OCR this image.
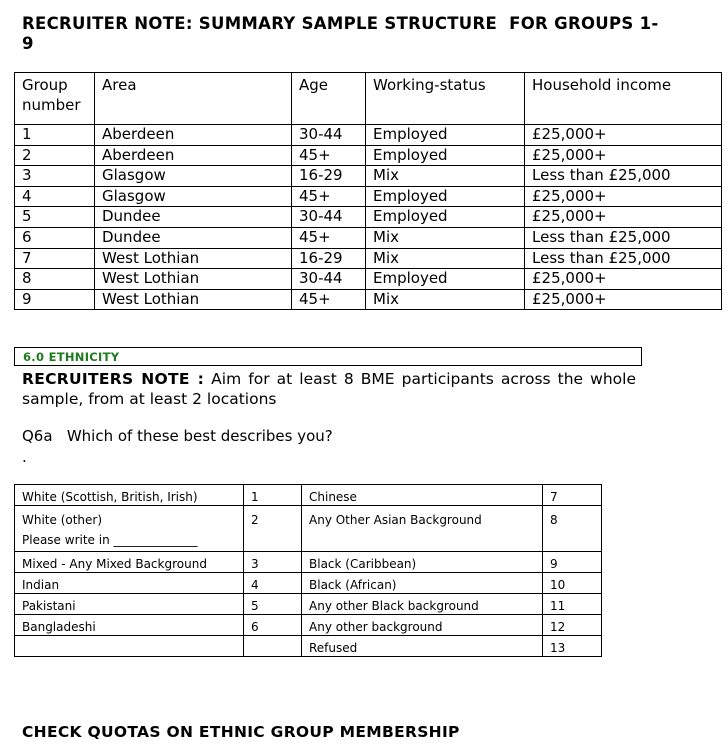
RECRUITER NOTE: SUMMARY SAMPLE STRUCTURE  FOR GROUPS 1-9
Group number	Area	Age	Working-status	Household income
1	Aberdeen	30-44	Employed	£25,000+
2	Aberdeen	45+	Employed	£25,000+
3	Glasgow	16-29	Mix	Less than £25,000
4	Glasgow	45+	Employed	£25,000+
5	Dundee	30-44	Employed	£25,000+
6	Dundee	45+	Mix	Less than £25,000
7	West Lothian	16-29	Mix	Less than £25,000
8	West Lothian	30-44	Employed	£25,000+
9	West Lothian	45+	Mix	£25,000+
6.0 ETHNICITY
RECRUITERS NOTE : Aim for at least 8 BME participants across the whole sample, from at least 2 locations
Q6a   Which of these best describes you?
.
White (Scottish, British, Irish)	1	Chinese	7
White (other)
Please write in ______________	2	Any Other Asian Background	8
Mixed - Any Mixed Background	3	Black (Caribbean)	9
Indian	4	Black (African)	10
Pakistani	5	Any other Black background	11
Bangladeshi	6	Any other background	12
		Refused	13
CHECK QUOTAS ON ETHNIC GROUP MEMBERSHIP
